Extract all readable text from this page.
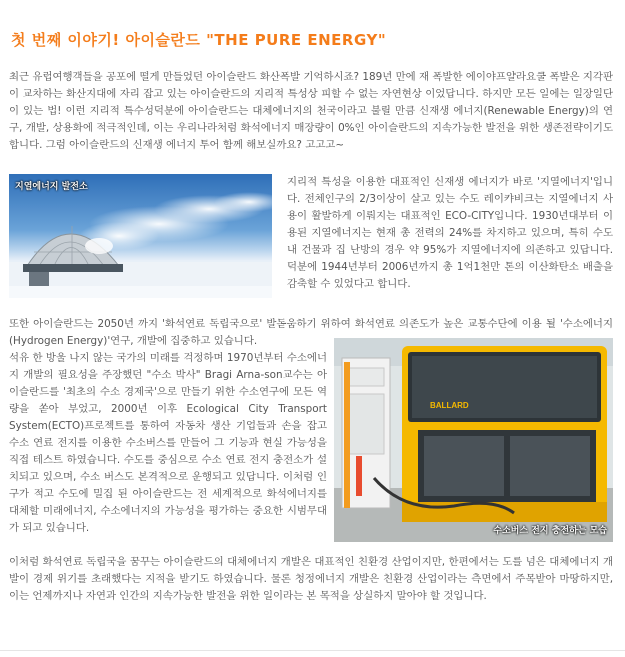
첫 번째 이야기! 아이슬란드 "THE PURE ENERGY"

최근 유럽여행객들을 공포에 떨게 만들었던 아이슬란드 화산폭발 기억하시죠? 189년 만에 재 폭발한 에이야프얄라요쿨 폭발은 지각판이 교차하는 화산지대에 자리 잡고 있는 아이슬란드의 지리적 특성상 피할 수 없는 자연현상 이었답니다. 하지만 모든 일에는 일장일단이 있는 법! 이런 지리적 특수성덕분에 아이슬란드는 대체에너지의 천국이라고 불릴 만큼 신재생 에너지(Renewable Energy)의 연구, 개발, 상용화에 적극적인데, 이는 우리나라처럼 화석에너지 매장량이 0%인 아이슬란드의 지속가능한 발전을 위한 생존전략이기도 합니다. 그럼 아이슬란드의 신재생 에너지 투어 함께 해보실까요? 고고고~

지열에너지 발전소	지리적 특성을 이용한 대표적인 신재생 에너지가 바로 '지열에너지'입니다. 전체인구의 2/3이상이 살고 있는 수도 레이캬비크는 지열에너지 사용이 활발하게 이뤄지는 대표적인 ECO-CITY입니다. 1930년대부터 이용된 지열에너지는 현재 총 전력의 24%를 차지하고 있으며, 특히 수도 내 건물과 집 난방의 경우 약 95%가 지열에너지에 의존하고 있답니다. 덕분에 1944년부터 2006년까지 총 1억1천만 톤의 이산화탄소 배출을 감축할 수 있었다고 합니다.

또한 아이슬란드는 2050년 까지 '화석연료 독립국으로' 발돋움하기 위하여 화석연료 의존도가 높은 교통수단에 이용 될 '수소에너지(Hydrogen Energy)'연구, 개발에 집중하고 있습니다.

석유 한 방울 나지 않는 국가의 미래를 걱정하며 1970년부터 수소에너지 개발의 필요성을 주장했던 "수소 박사" Bragi Arna-son교수는 아이슬란드를 '최초의 수소 경제국'으로 만들기 위한 수소연구에 모든 역량을 쏟아 부었고, 2000년 이후 Ecological City Transport System(ECTO)프로젝트를 통하여 자동차 생산 기업들과 손을 잡고 수소 연료 전지를 이용한 수소버스를 만들어 그 기능과 현실 가능성을 직접 테스트 하였습니다. 수도를 중심으로 수소 연료 전지 충전소가 설치되고 있으며, 수소 버스도 본격적으로 운행되고 있답니다. 이처럼 인구가 적고 수도에 밀집 된 아이슬란드는 전 세계적으로 화석에너지를 대체할 미래에너지, 수소에너지의 가능성을 평가하는 중요한 시범무대가 되고 있습니다.

BALLARD
수소버스 전지 충전하는 모습

이처럼 화석연료 독립국을 꿈꾸는 아이슬란드의 대체에너지 개발은 대표적인 친환경 산업이지만, 한편에서는 도를 넘은 대체에너지 개발이 경제 위기를 초래했다는 지적을 받기도 하였습니다. 물론 청정에너지 개발은 친환경 산업이라는 측면에서 주목받아 마땅하지만, 이는 언제까지나 자연과 인간의 지속가능한 발전을 위한 일이라는 본 목적을 상실하지 말아야 할 것입니다.
